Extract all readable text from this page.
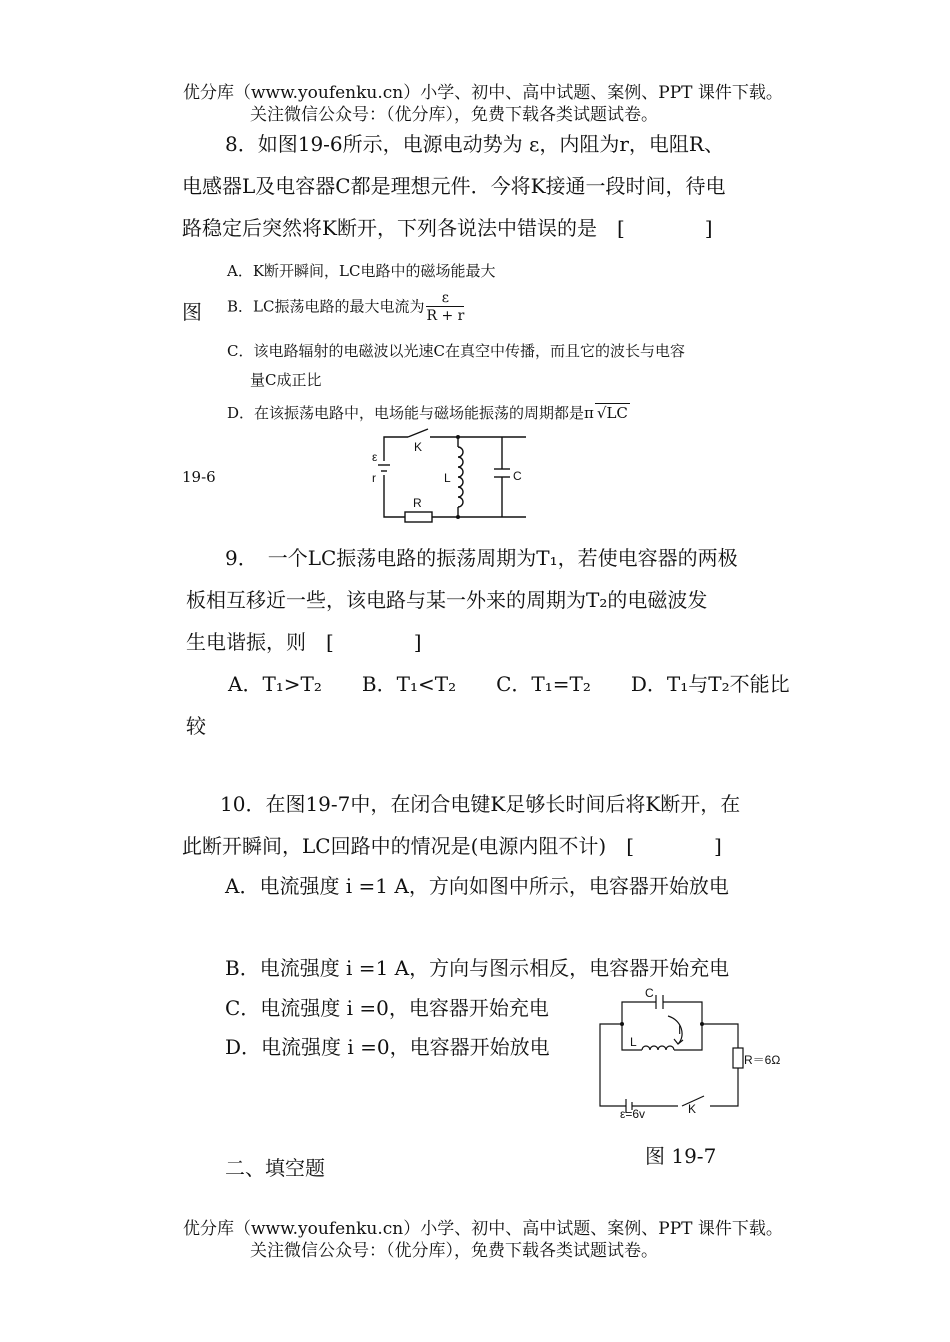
优分库（www.youfenku.cn）小学、初中、高中试题、案例、PPT 课件下载。
关注微信公众号：（优分库），免费下载各类试题试卷。
8．如图19-6所示，电源电动势为 ε，内阻为r，电阻R、
电感器L及电容器C都是理想元件．今将K接通一段时间，待电
路稳定后突然将K断开，下列各说法中错误的是　[　　　　]
A．K断开瞬间，LC电路中的磁场能最大
图 B．LC振荡电路的最大电流为 $\frac{\varepsilon}{R + r}$
C．该电路辐射的电磁波以光速C在真空中传播，而且它的波长与电容
量C成正比
D．在该振荡电路中，电场能与磁场能振荡的周期都是π √LC
19-6
K
ε
r	L	C
R
9．　一个LC振荡电路的振荡周期为T₁，若使电容器的两极
板相互移近一些，该电路与某一外来的周期为T₂的电磁波发
生电谐振，则　[　　　　]
A．T₁>T₂　　B．T₁<T₂　　C．T₁=T₂　　D．T₁与T₂不能比
较
10．在图19-7中，在闭合电键K足够长时间后将K断开，在
此断开瞬间，LC回路中的情况是(电源内阻不计)　[　　　　]
A．电流强度 i =1 A，方向如图中所示，电容器开始放电
B．电流强度 i =1 A，方向与图示相反，电容器开始充电
C．电流强度 i =0，电容器开始充电
D．电流强度 i =0，电容器开始放电
C
I
L
R＝6Ω
ε=6v	K
图 19-7
二、填空题
优分库（www.youfenku.cn）小学、初中、高中试题、案例、PPT 课件下载。
关注微信公众号：（优分库），免费下载各类试题试卷。
